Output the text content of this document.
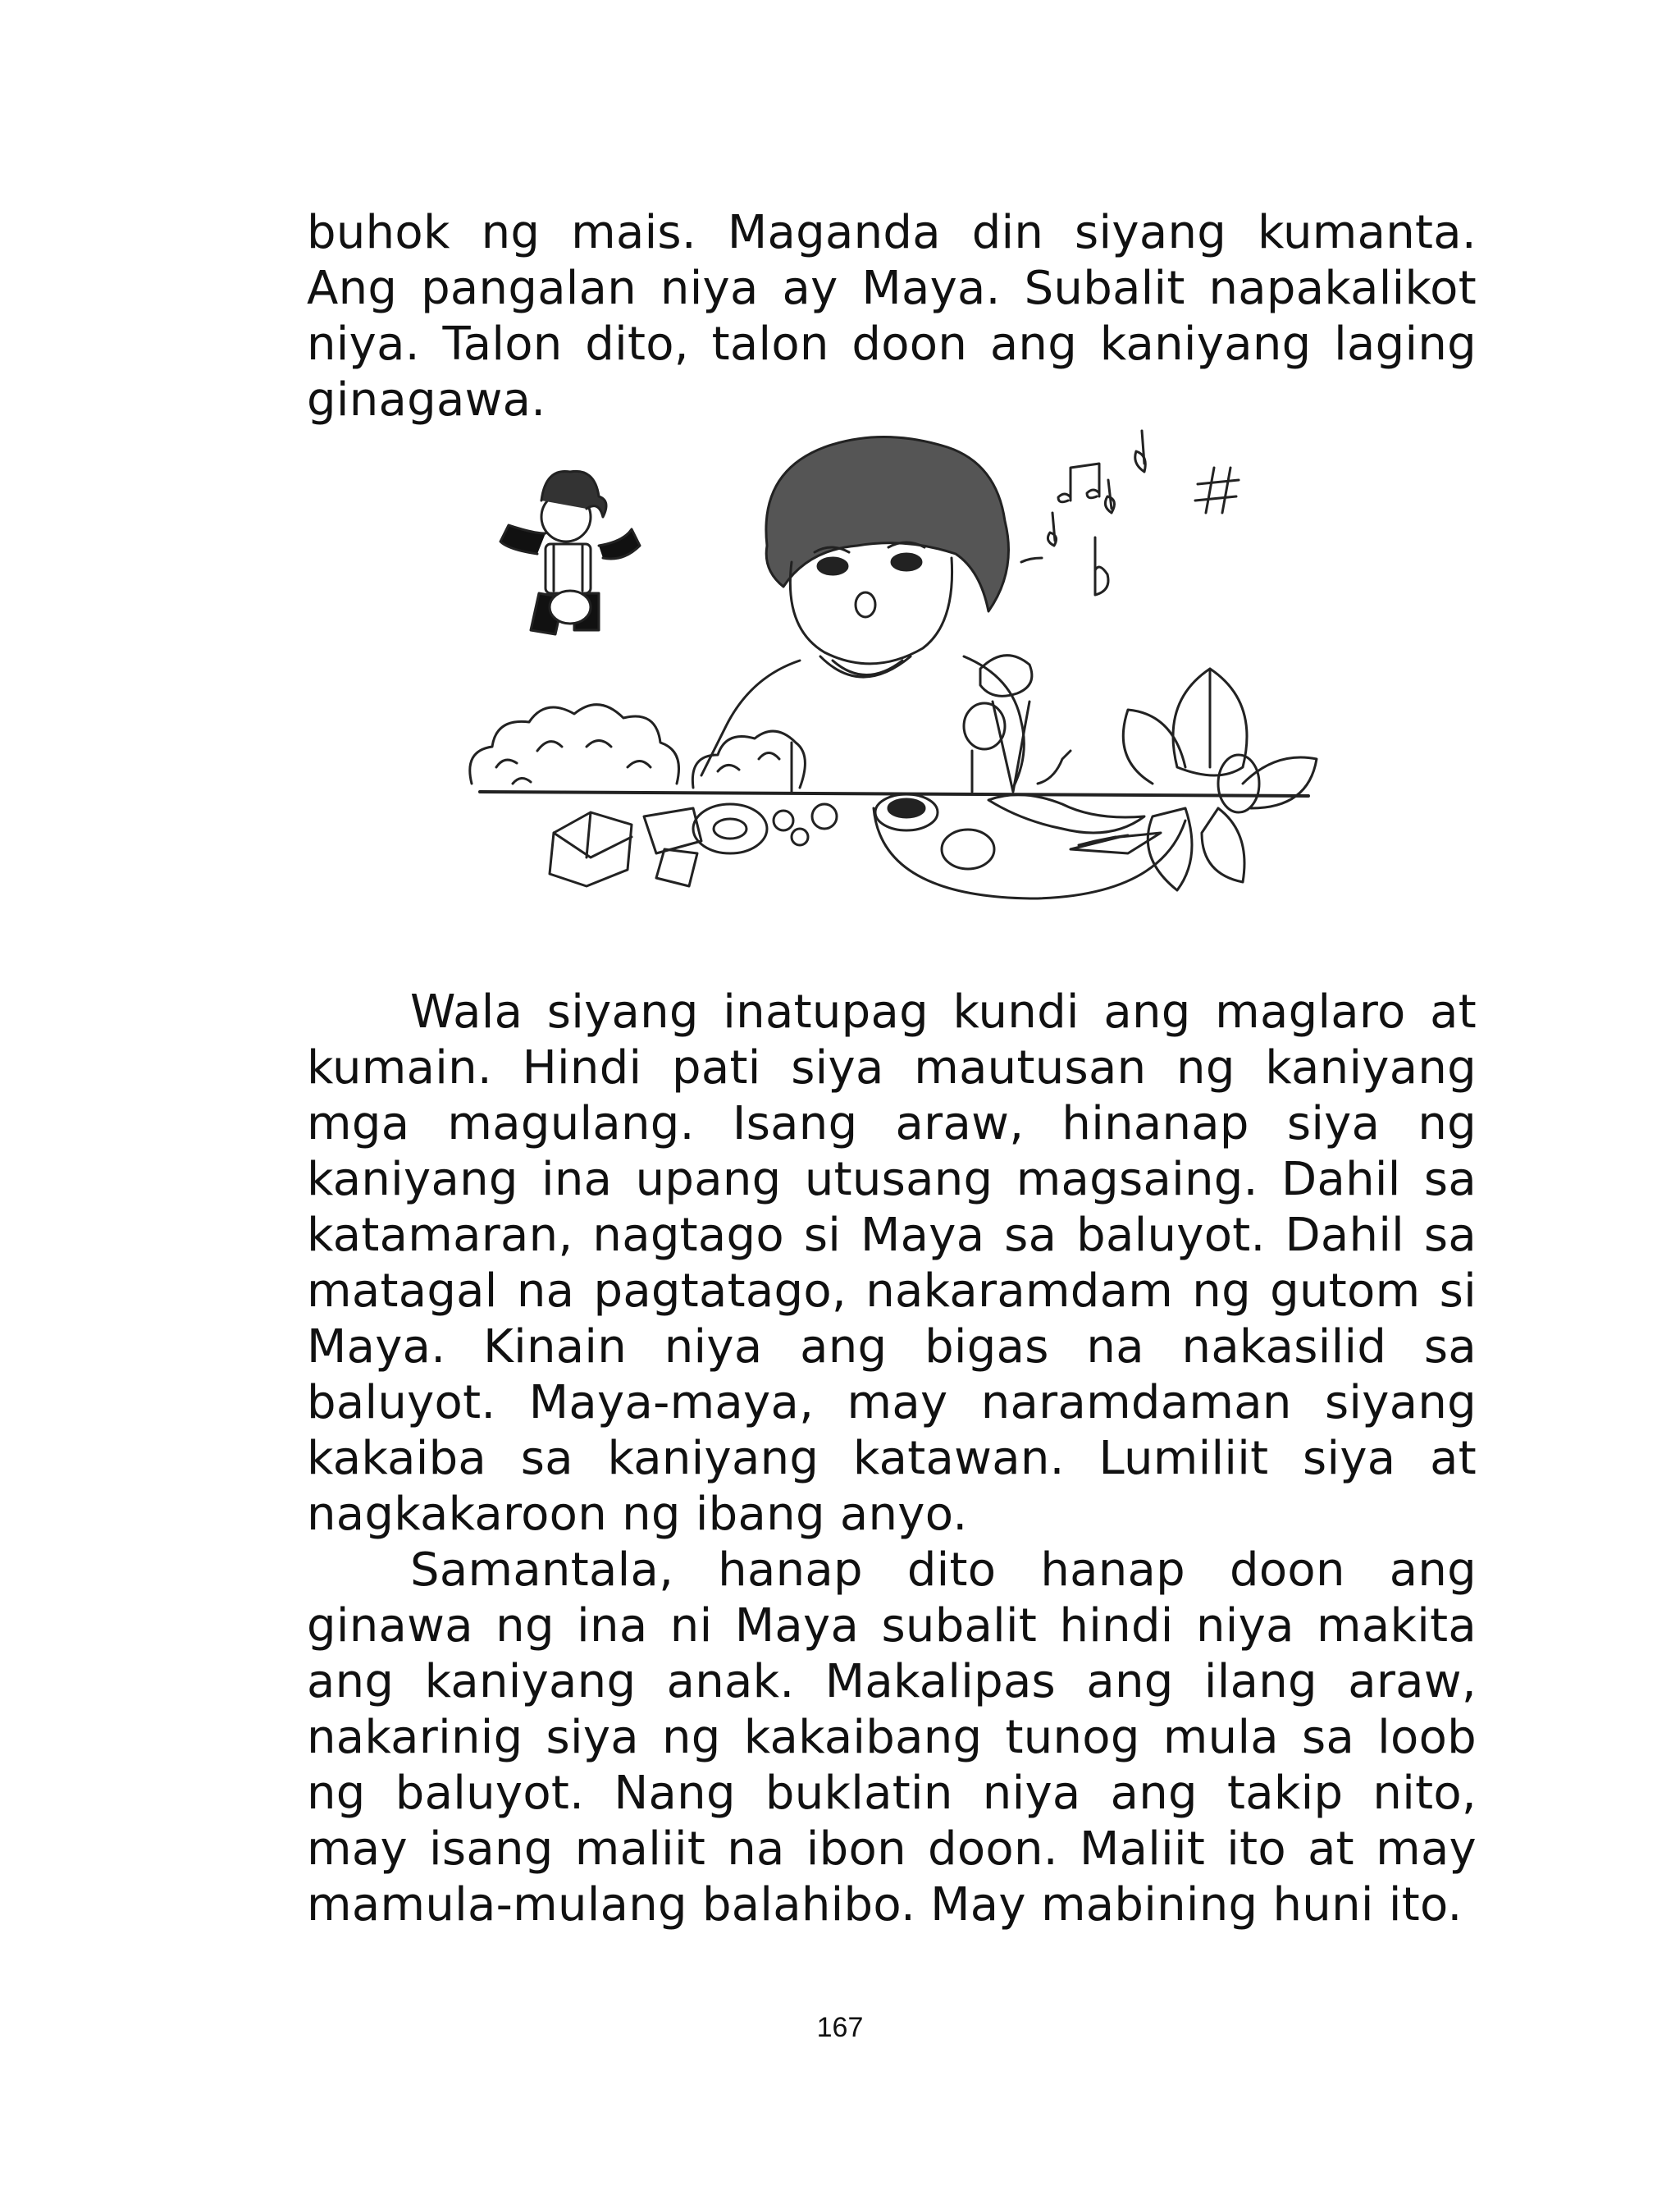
buhok ng mais. Maganda din siyang kumanta. Ang pangalan niya ay Maya. Subalit napakalikot niya. Talon dito, talon doon ang kaniyang laging ginagawa.

Wala siyang inatupag kundi ang maglaro at kumain. Hindi pati siya mautusan ng kaniyang mga magulang. Isang araw, hinanap siya ng kaniyang ina upang utusang magsaing. Dahil sa katamaran, nagtago si Maya sa baluyot. Dahil sa matagal na pagtatago, nakaramdam ng gutom si Maya. Kinain niya ang bigas na nakasilid sa baluyot. Maya-maya, may naramdaman siyang kakaiba sa kaniyang katawan. Lumiliit siya at nagkakaroon ng ibang anyo.

Samantala, hanap dito hanap doon ang ginawa ng ina ni Maya subalit hindi niya makita ang kaniyang anak. Makalipas ang ilang araw, nakarinig siya ng kakaibang tunog mula sa loob ng baluyot. Nang buklatin niya ang takip nito, may isang maliit na ibon doon. Maliit ito at may mamula-mulang balahibo. May mabining huni ito.

167
